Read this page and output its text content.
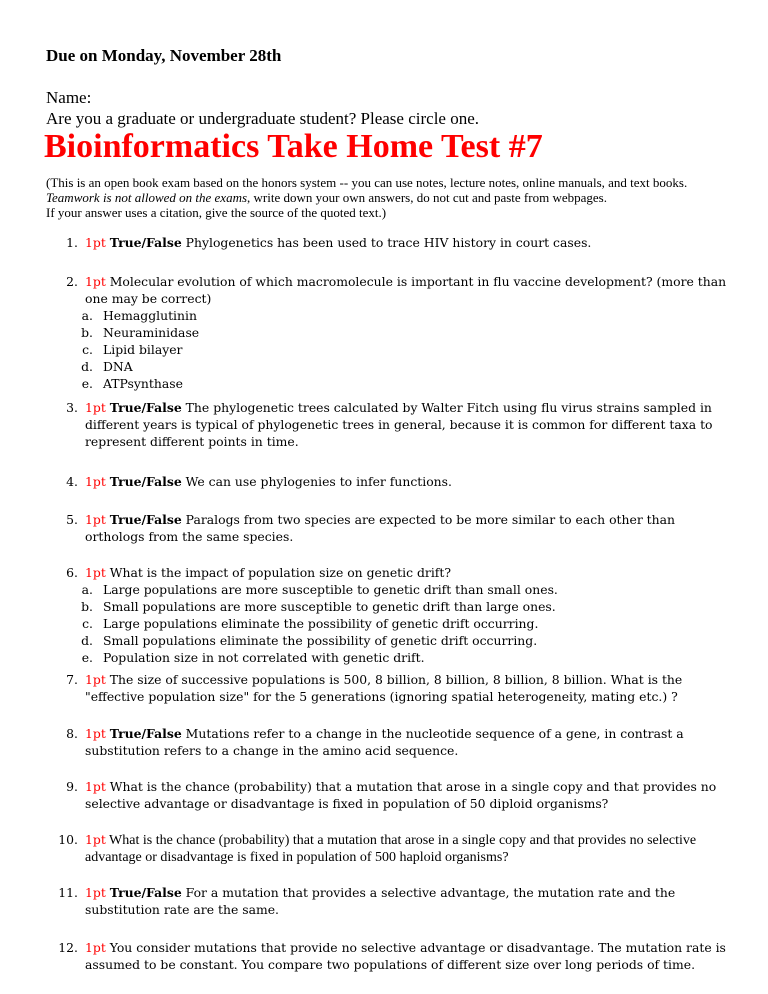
Due on Monday, November 28th
Name:
Are you a graduate or undergraduate student? Please circle one.
Bioinformatics Take Home Test #7

(This is an open book exam based on the honors system -- you can use notes, lecture notes, online manuals, and text books.

Teamwork is not allowed on the exams, write down your own answers, do not cut and paste from webpages.

If your answer uses a citation, give the source of the quoted text.)

1. 1pt True/False Phylogenetics has been used to trace HIV history in court cases.
2. 1pt Molecular evolution of which macromolecule is important in flu vaccine development? (more than one may be correct)
a. Hemagglutinin
b. Neuraminidase
c. Lipid bilayer
d. DNA
e. ATPsynthase
3. 1pt True/False The phylogenetic trees calculated by Walter Fitch using flu virus strains sampled in different years is typical of phylogenetic trees in general, because it is common for different taxa to represent different points in time.
4. 1pt True/False We can use phylogenies to infer functions.
5. 1pt True/False Paralogs from two species are expected to be more similar to each other than orthologs from the same species.
6. 1pt What is the impact of population size on genetic drift?
a. Large populations are more susceptible to genetic drift than small ones.
b. Small populations are more susceptible to genetic drift than large ones.
c. Large populations eliminate the possibility of genetic drift occurring.
d. Small populations eliminate the possibility of genetic drift occurring.
e. Population size in not correlated with genetic drift.
7. 1pt The size of successive populations is 500, 8 billion, 8 billion, 8 billion, 8 billion. What is the "effective population size" for the 5 generations (ignoring spatial heterogeneity, mating etc.) ?
8. 1pt True/False Mutations refer to a change in the nucleotide sequence of a gene, in contrast a substitution refers to a change in the amino acid sequence.
9. 1pt What is the chance (probability) that a mutation that arose in a single copy and that provides no selective advantage or disadvantage is fixed in population of 50 diploid organisms?
10. 1pt What is the chance (probability) that a mutation that arose in a single copy and that provides no selective advantage or disadvantage is fixed in population of 500 haploid organisms?
11. 1pt True/False For a mutation that provides a selective advantage, the mutation rate and the substitution rate are the same.
12. 1pt You consider mutations that provide no selective advantage or disadvantage. The mutation rate is assumed to be constant. You compare two populations of different size over long periods of time.
